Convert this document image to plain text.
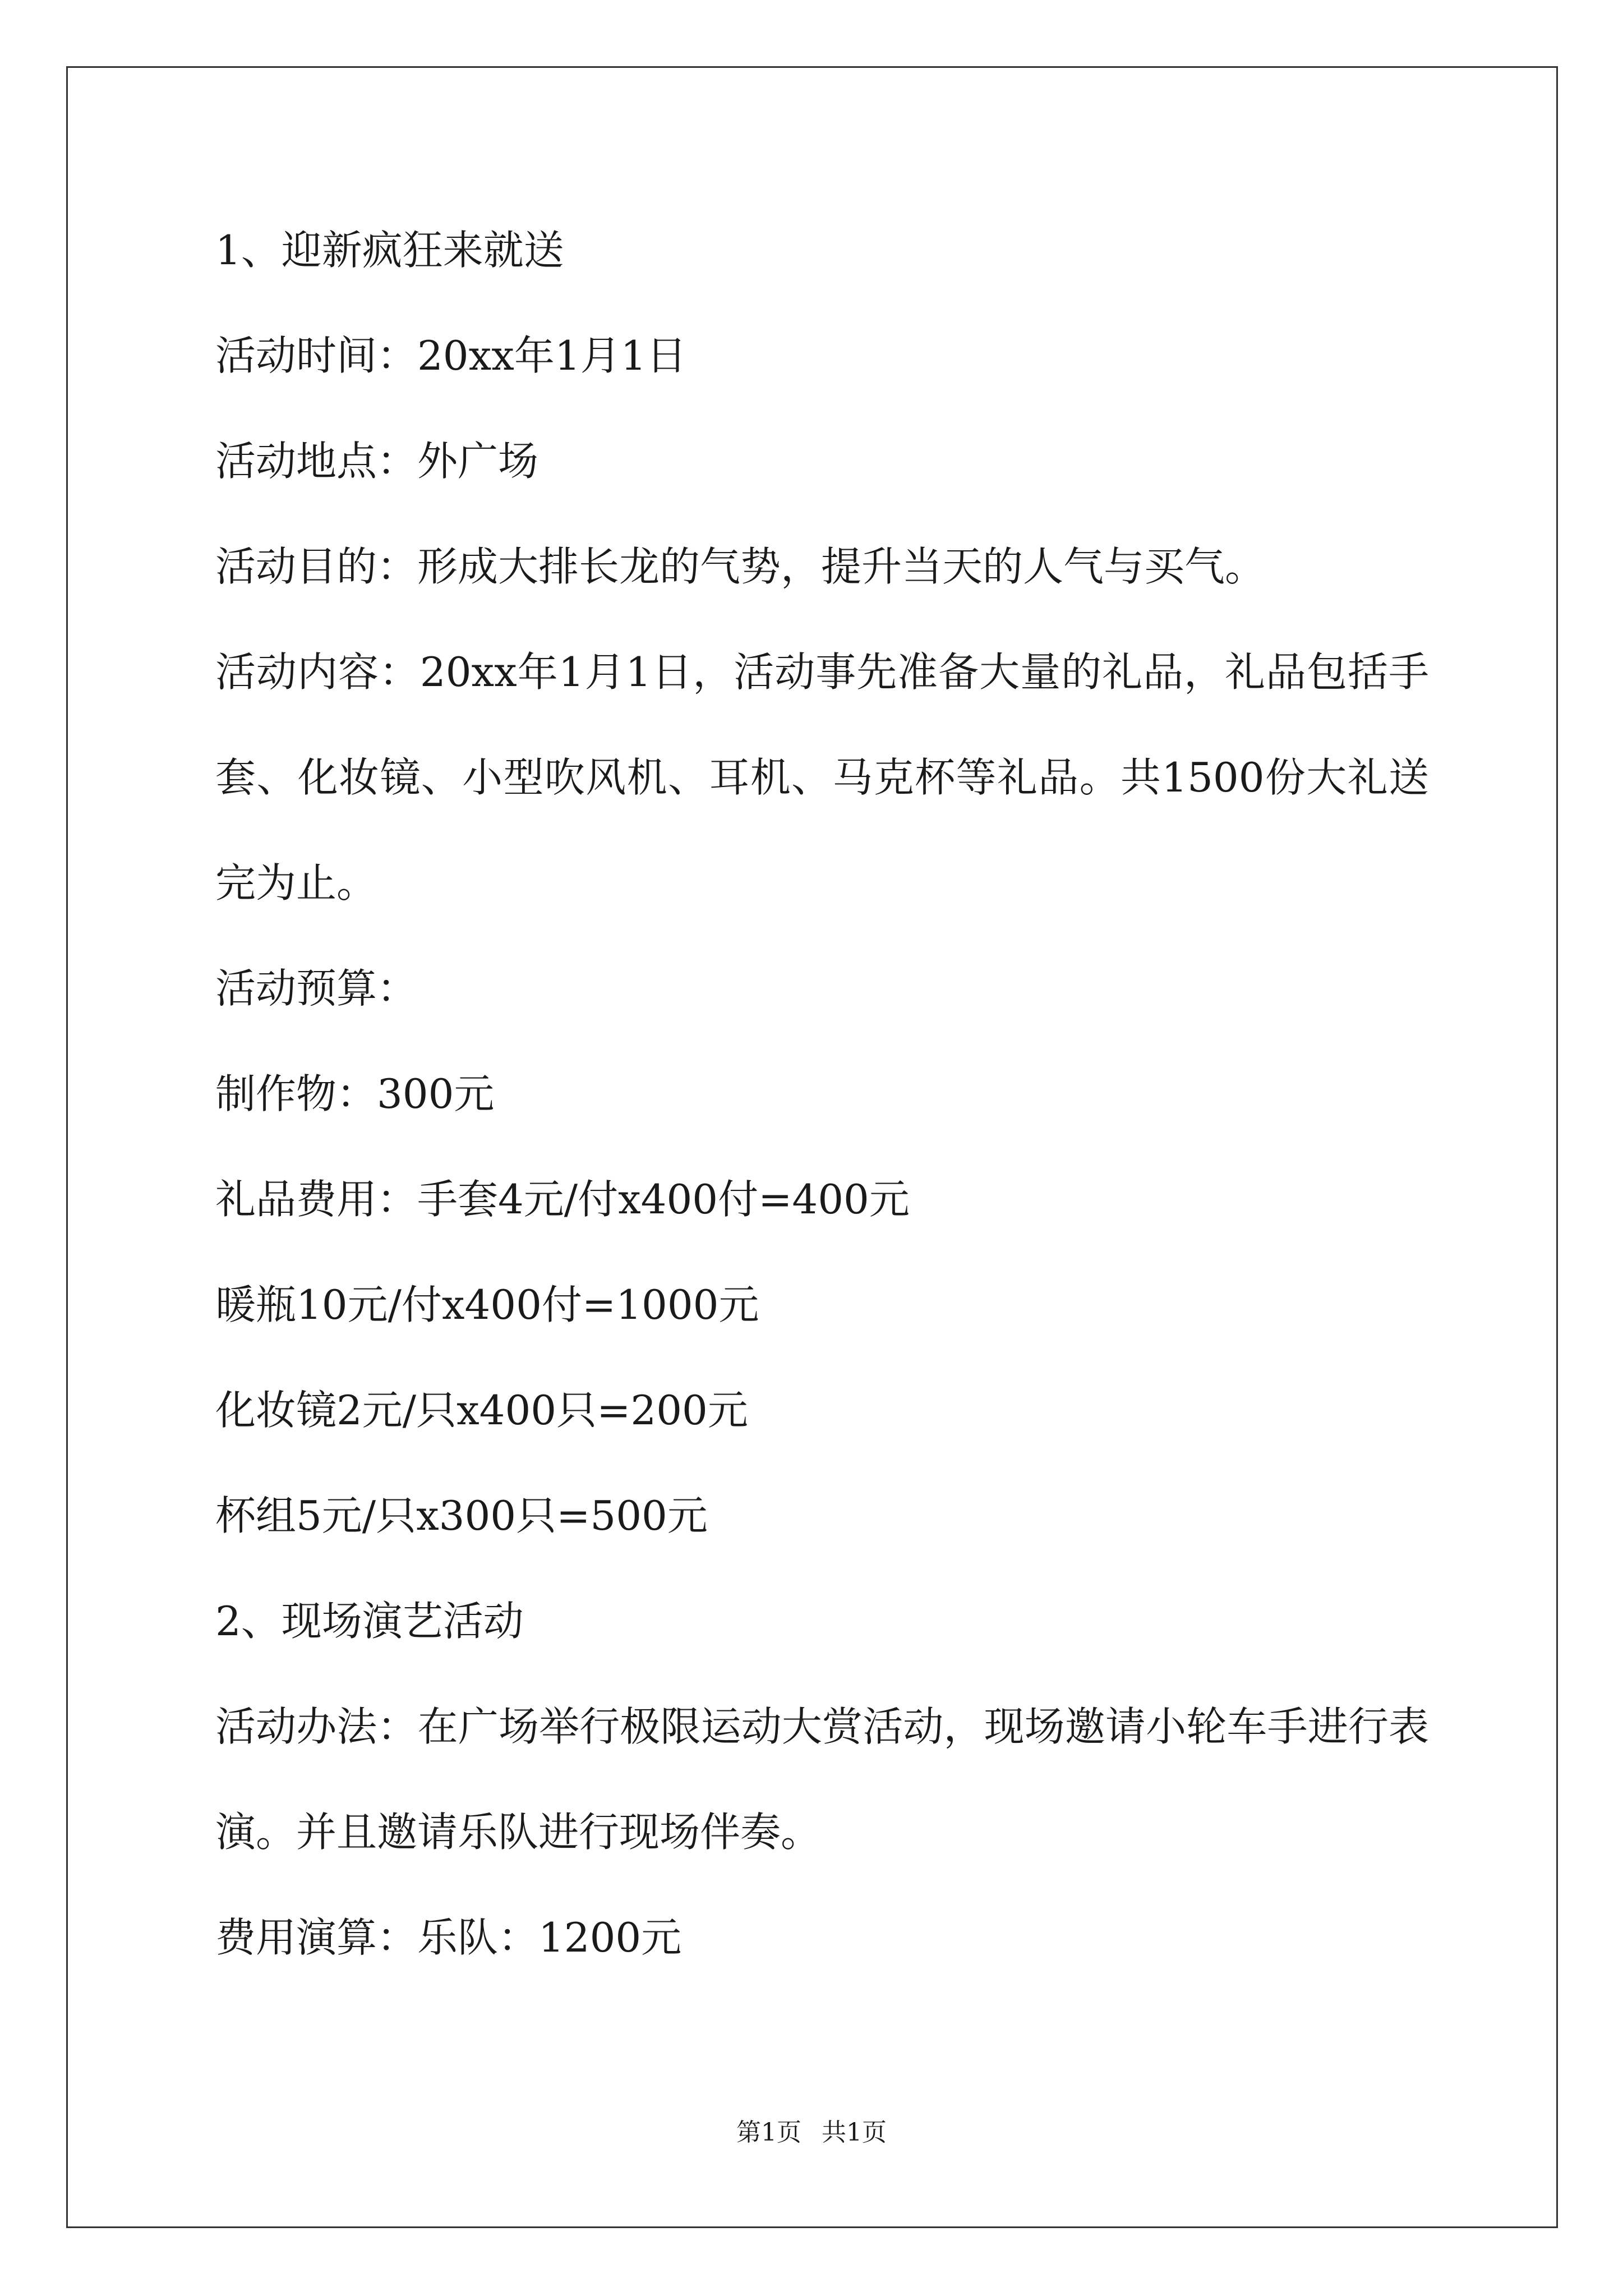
1、迎新疯狂来就送

活动时间：20xx年1月1日

活动地点：外广场

活动目的：形成大排长龙的气势，提升当天的人气与买气。

活动内容：20xx年1月1日，活动事先准备大量的礼品，礼品包括手套、化妆镜、小型吹风机、耳机、马克杯等礼品。共1500份大礼送完为止。

活动预算：

制作物：300元

礼品费用：手套4元/付x400付=400元

暖瓶10元/付x400付=1000元

化妆镜2元/只x400只=200元

杯组5元/只x300只=500元

2、现场演艺活动

活动办法：在广场举行极限运动大赏活动，现场邀请小轮车手进行表演。并且邀请乐队进行现场伴奏。

费用演算：乐队：1200元

第1页 共1页
